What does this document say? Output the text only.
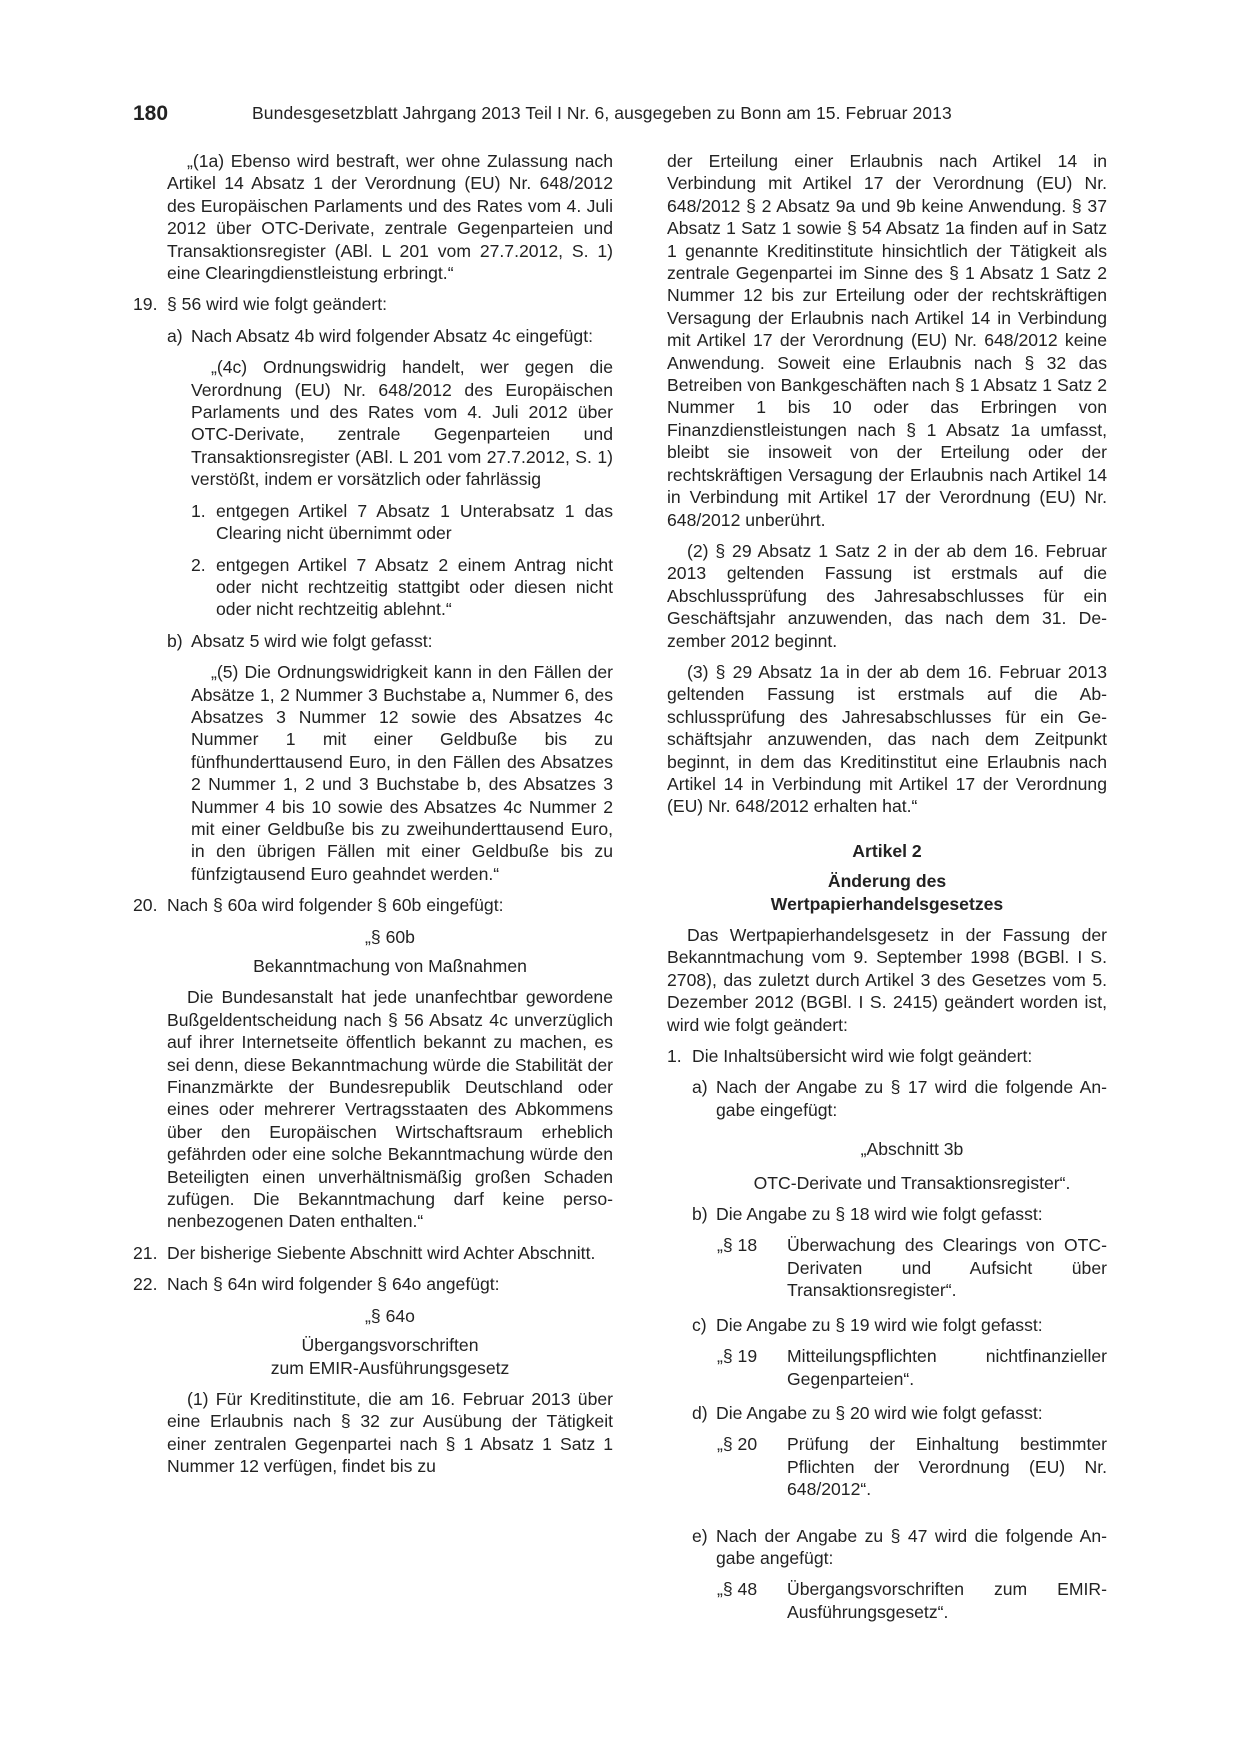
180	Bundesgesetzblatt Jahrgang 2013 Teil I Nr. 6, ausgegeben zu Bonn am 15. Februar 2013
„(1a) Ebenso wird bestraft, wer ohne Zulassung nach Artikel 14 Absatz 1 der Verordnung (EU) Nr. 648/2012 des Europäischen Parlaments und des Rates vom 4. Juli 2012 über OTC-Derivate, zentrale Gegenparteien und Transaktionsregister (ABl. L 201 vom 27.7.2012, S. 1) eine Clearingdienstleistung erbringt.“
19. § 56 wird wie folgt geändert:
a) Nach Absatz 4b wird folgender Absatz 4c eingefügt:
„(4c) Ordnungswidrig handelt, wer gegen die Verordnung (EU) Nr. 648/2012 des Europäischen Parlaments und des Rates vom 4. Juli 2012 über OTC-Derivate, zentrale Gegenparteien und Transaktionsregister (ABl. L 201 vom 27.7.2012, S. 1) verstößt, indem er vorsätzlich oder fahrlässig
1. entgegen Artikel 7 Absatz 1 Unterabsatz 1 das Clearing nicht übernimmt oder
2. entgegen Artikel 7 Absatz 2 einem Antrag nicht oder nicht rechtzeitig stattgibt oder diesen nicht oder nicht rechtzeitig ablehnt.“
b) Absatz 5 wird wie folgt gefasst:
„(5) Die Ordnungswidrigkeit kann in den Fällen der Absätze 1, 2 Nummer 3 Buchstabe a, Nummer 6, des Absatzes 3 Nummer 12 sowie des Absatzes 4c Nummer 1 mit einer Geldbuße bis zu fünfhunderttausend Euro, in den Fällen des Absatzes 2 Nummer 1, 2 und 3 Buchstabe b, des Absatzes 3 Nummer 4 bis 10 sowie des Absatzes 4c Nummer 2 mit einer Geldbuße bis zu zweihunderttausend Euro, in den übrigen Fällen mit einer Geldbuße bis zu fünfzigtausend Euro geahndet werden.“
20. Nach § 60a wird folgender § 60b eingefügt:
„§ 60b
Bekanntmachung von Maßnahmen
Die Bundesanstalt hat jede unanfechtbar gewordene Bußgeldentscheidung nach § 56 Absatz 4c unverzüglich auf ihrer Internetseite öffentlich bekannt zu machen, es sei denn, diese Bekanntmachung würde die Stabilität der Finanzmärkte der Bundesrepublik Deutschland oder eines oder mehrerer Vertragsstaaten des Abkommens über den Europäischen Wirtschaftsraum erheblich gefährden oder eine solche Bekanntmachung würde den Beteiligten einen unverhältnismäßig großen Schaden zufügen. Die Bekanntmachung darf keine personenbezogenen Daten enthalten.“
21. Der bisherige Siebente Abschnitt wird Achter Abschnitt.
22. Nach § 64n wird folgender § 64o angefügt:
„§ 64o
Übergangsvorschriften
zum EMIR-Ausführungsgesetz
(1) Für Kreditinstitute, die am 16. Februar 2013 über eine Erlaubnis nach § 32 zur Ausübung der Tätigkeit einer zentralen Gegenpartei nach § 1 Absatz 1 Satz 1 Nummer 12 verfügen, findet bis zu
der Erteilung einer Erlaubnis nach Artikel 14 in Verbindung mit Artikel 17 der Verordnung (EU) Nr. 648/2012 § 2 Absatz 9a und 9b keine Anwendung. § 37 Absatz 1 Satz 1 sowie § 54 Absatz 1a finden auf in Satz 1 genannte Kreditinstitute hinsichtlich der Tätigkeit als zentrale Gegenpartei im Sinne des § 1 Absatz 1 Satz 2 Nummer 12 bis zur Erteilung oder der rechtskräftigen Versagung der Erlaubnis nach Artikel 14 in Verbindung mit Artikel 17 der Verordnung (EU) Nr. 648/2012 keine Anwendung. Soweit eine Erlaubnis nach § 32 das Betreiben von Bankgeschäften nach § 1 Absatz 1 Satz 2 Nummer 1 bis 10 oder das Erbringen von Finanzdienstleistungen nach § 1 Absatz 1a umfasst, bleibt sie insoweit von der Erteilung oder der rechtskräftigen Versagung der Erlaubnis nach Artikel 14 in Verbindung mit Artikel 17 der Verordnung (EU) Nr. 648/2012 unberührt.
(2) § 29 Absatz 1 Satz 2 in der ab dem 16. Februar 2013 geltenden Fassung ist erstmals auf die Abschlussprüfung des Jahresabschlusses für ein Geschäftsjahr anzuwenden, das nach dem 31. Dezember 2012 beginnt.
(3) § 29 Absatz 1a in der ab dem 16. Februar 2013 geltenden Fassung ist erstmals auf die Abschlussprüfung des Jahresabschlusses für ein Geschäftsjahr anzuwenden, das nach dem Zeitpunkt beginnt, in dem das Kreditinstitut eine Erlaubnis nach Artikel 14 in Verbindung mit Artikel 17 der Verordnung (EU) Nr. 648/2012 erhalten hat.“
Artikel 2
Änderung des
Wertpapierhandelsgesetzes
Das Wertpapierhandelsgesetz in der Fassung der Bekanntmachung vom 9. September 1998 (BGBl. I S. 2708), das zuletzt durch Artikel 3 des Gesetzes vom 5. Dezember 2012 (BGBl. I S. 2415) geändert worden ist, wird wie folgt geändert:
1. Die Inhaltsübersicht wird wie folgt geändert:
a) Nach der Angabe zu § 17 wird die folgende Angabe eingefügt:
„Abschnitt 3b
OTC-Derivate und Transaktionsregister“.
b) Die Angabe zu § 18 wird wie folgt gefasst:
„§ 18	Überwachung des Clearings von OTC-Derivaten und Aufsicht über Transaktionsregister“.
c) Die Angabe zu § 19 wird wie folgt gefasst:
„§ 19	Mitteilungspflichten nichtfinanzieller Gegenparteien“.
d) Die Angabe zu § 20 wird wie folgt gefasst:
„§ 20	Prüfung der Einhaltung bestimmter Pflichten der Verordnung (EU) Nr. 648/2012“.
e) Nach der Angabe zu § 47 wird die folgende Angabe angefügt:
„§ 48	Übergangsvorschriften zum EMIR-Ausführungsgesetz“.
